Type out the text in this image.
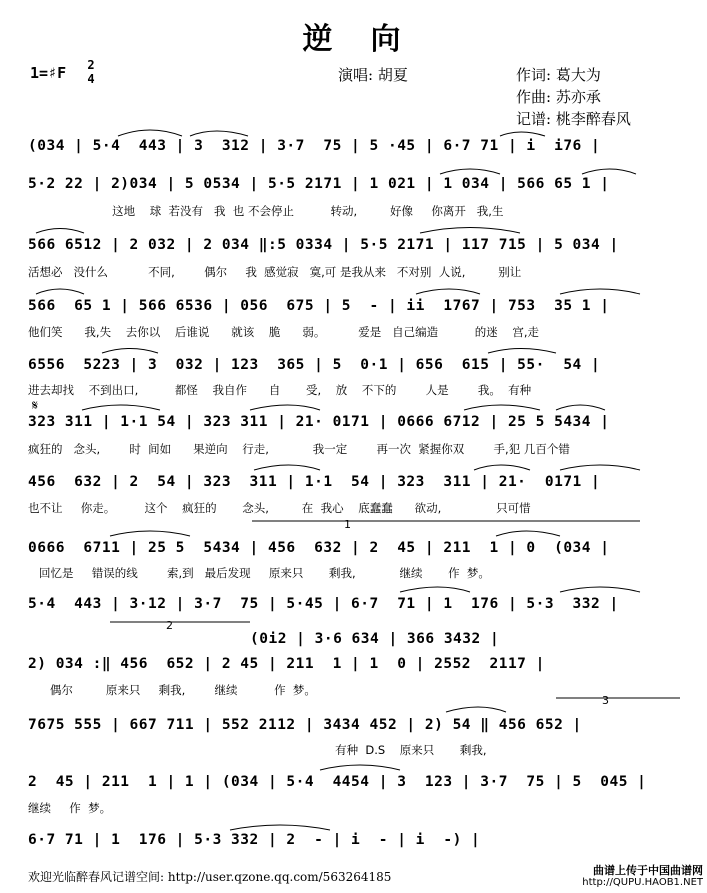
逆　向
1=♯F 2
4	演唱: 胡夏	作词: 葛大为
作曲: 苏亦承
记谱: 桃李醉春风
(034 | 5·4  443 | 3  312 | 3·7  75 | 5 ·45 | 6·7 71 | i  i76 |
5·2 22 | 2)034 | 5 0534 | 5·5 2171 | 1 021 | 1 034 | 566 65 1 |
这地    球  若没有   我  也 不会停止          转动,         好像     你离开   我,生
566 6512 | 2 032 | 2 034 ‖:5 0334 | 5·5 2171 | 117 715 | 5 034 |
活想必   没什么           不同,        偶尔     我  感觉寂   寞,可 是我从来   不对别  人说,         别让
566  65 1 | 566 6536 | 056  675 | 5  - | ii  1767 | 753  35 1 |
他们笑      我,失    去你以    后谁说      就该    脆      弱。         爱是   自己编造          的迷    宫,走
6556  5223 | 3  032 | 123  365 | 5  0·1 | 656  615 | 55·  54 |
进去却找    不到出口,          都怪    我自作      自       受,    放    不下的        人是        我。  有种
𝄋
323 311 | 1·1 54 | 323 311 | 21· 0171 | 0666 6712 | 25 5 5434 |
疯狂的   念头,        时  间如      果逆向    行走,            我一定        再一次  紧握你双        手,犯 几百个错
456  632 | 2  54 | 323  311 | 1·1  54 | 323  311 | 21·  0171 |
也不让     你走。        这个    疯狂的       念头,         在  我心    底蠢蠢      欲动,               只可惜
1
0666  6711 | 25 5  5434 | 456  632 | 2  45 | 211  1 | 0  (034 |
回忆是     错误的线        索,到   最后发现     原来只       剩我,            继续       作  梦。
5·4  443 | 3·12 | 3·7  75 | 5·45 | 6·7  71 | 1  176 | 5·3  332 |
2
(0i2 | 3·6 634 | 366 3432 |
2) 034 :‖ 456  652 | 2 45 | 211  1 | 1  0 | 2552  2117 |
偶尔         原来只     剩我,        继续          作  梦。
3
7675 555 | 667 711 | 552 2112 | 3434 452 | 2) 54 ‖ 456 652 |
有种  D.S    原来只       剩我,
2  45 | 211  1 | 1 | (034 | 5·4  4454 | 3  123 | 3·7  75 | 5  045 |
继续     作  梦。
6·7 71 | 1  176 | 5·3 332 | 2  - | i  - | i  -) |
欢迎光临醉春风记谱空间: http://user.qzone.qq.com/563264185	曲谱上传于中国曲谱网
http://QUPU.HAOB1.NET
